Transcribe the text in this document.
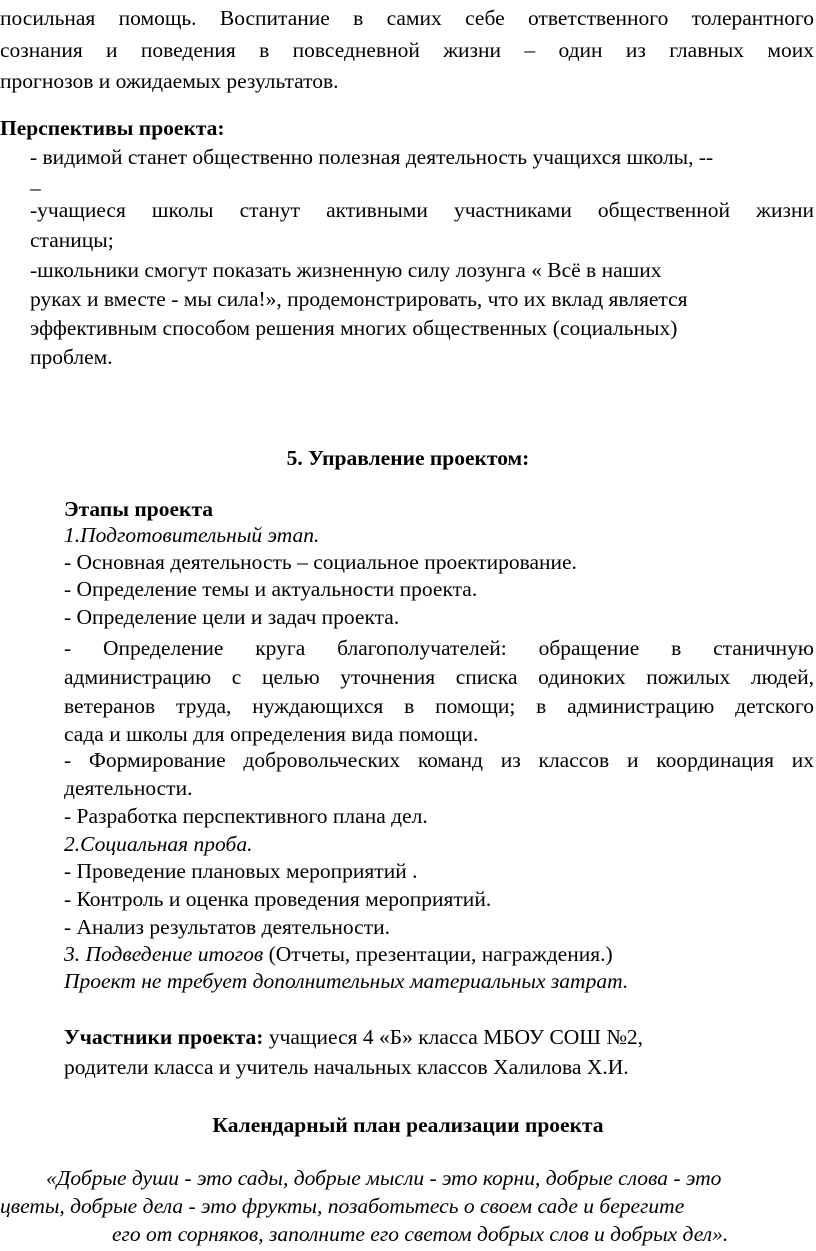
посильная помощь. Воспитание в самих себе ответственного толерантного
сознания и поведения в повседневной жизни – один из главных моих
прогнозов и ожидаемых результатов.
Перспективы проекта:
- видимой станет общественно полезная деятельность учащихся школы, --
_
-учащиеся школы станут активными участниками общественной жизни
станицы;
-школьники смогут показать жизненную силу лозунга « Всё в наших
руках и вместе - мы сила!», продемонстрировать, что их вклад является
эффективным способом решения многих общественных (социальных)
проблем.
5. Управление проектом:
Этапы проекта
1.Подготовительный этап.
- Основная деятельность – социальное проектирование.
- Определение темы и актуальности проекта.
- Определение цели и задач проекта.
- Определение круга благополучателей: обращение в станичную
администрацию с целью уточнения списка одиноких пожилых людей,
ветеранов труда, нуждающихся в помощи; в администрацию детского
сада и школы для определения вида помощи.
- Формирование добровольческих команд из классов и координация их
деятельности.
- Разработка перспективного плана дел.
2.Социальная проба.
- Проведение плановых мероприятий .
- Контроль и оценка проведения мероприятий.
- Анализ результатов деятельности.
3. Подведение итогов (Отчеты, презентации, награждения.)
Проект не требует дополнительных материальных затрат.
Участники проекта: учащиеся 4 «Б» класса МБОУ СОШ №2,
родители класса и учитель начальных классов Халилова Х.И.
Календарный план реализации проекта
«Добрые души - это сады, добрые мысли - это корни, добрые слова - это
цветы, добрые дела - это фрукты, позаботьтесь о своем саде и берегите
его от сорняков, заполните его светом добрых слов и добрых дел».
